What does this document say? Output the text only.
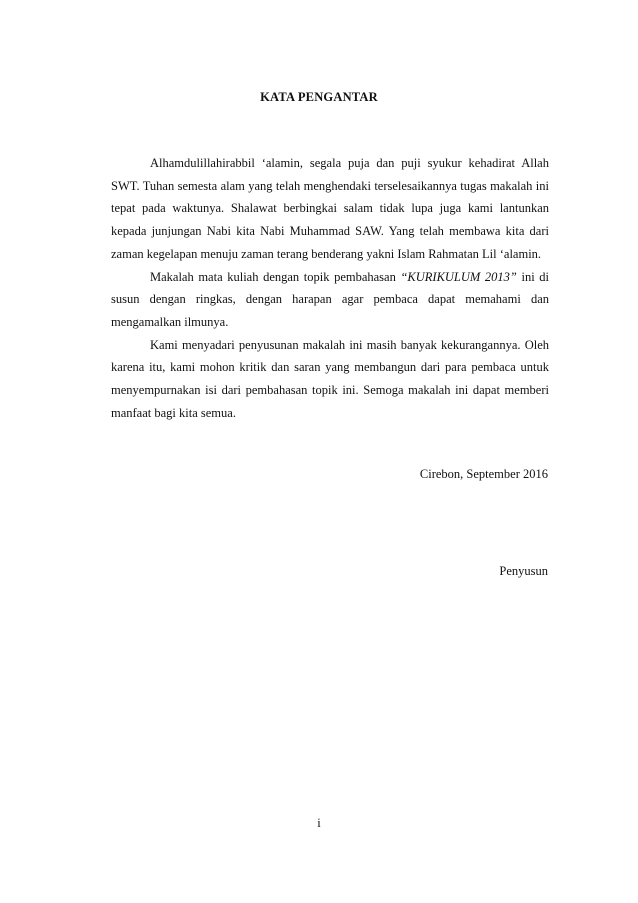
KATA PENGANTAR

Alhamdulillahirabbil ‘alamin, segala puja dan puji syukur kehadirat Allah SWT. Tuhan semesta alam yang telah menghendaki terselesaikannya tugas makalah ini tepat pada waktunya. Shalawat berbingkai salam tidak lupa juga kami lantunkan kepada junjungan Nabi kita Nabi Muhammad SAW. Yang telah membawa kita dari zaman kegelapan menuju zaman terang benderang yakni Islam Rahmatan Lil ‘alamin.

Makalah mata kuliah dengan topik pembahasan “KURIKULUM 2013” ini di susun dengan ringkas, dengan harapan agar pembaca dapat memahami dan mengamalkan ilmunya.

Kami menyadari penyusunan makalah ini masih banyak kekurangannya. Oleh karena itu, kami mohon kritik dan saran yang membangun dari para pembaca untuk menyempurnakan isi dari pembahasan topik ini. Semoga makalah ini dapat memberi manfaat bagi kita semua.

Cirebon, September 2016
Penyusun
i
